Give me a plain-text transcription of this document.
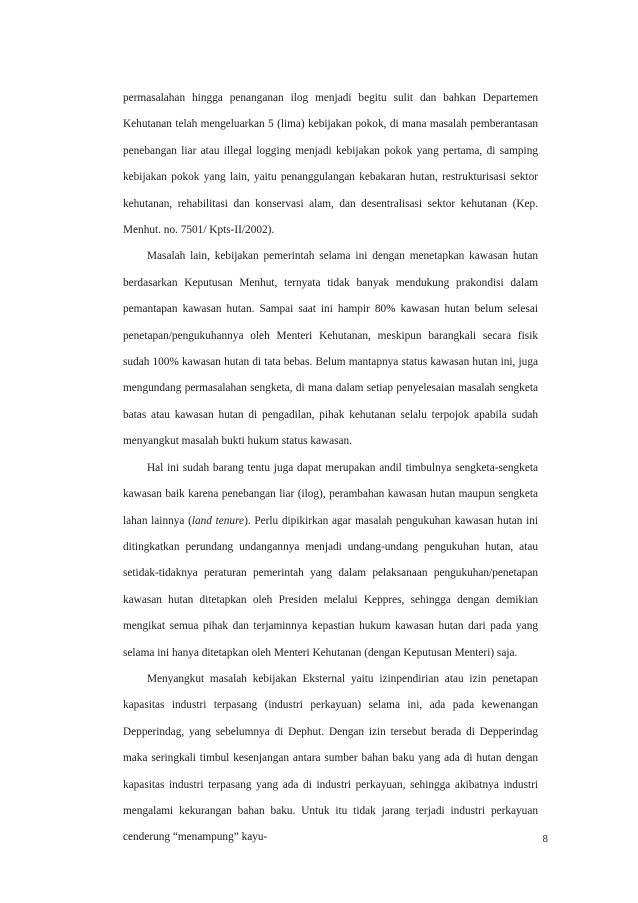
permasalahan hingga penanganan ilog menjadi begitu sulit dan bahkan Departemen Kehutanan telah mengeluarkan 5 (lima) kebijakan pokok, di mana masalah pemberantasan penebangan liar atau illegal logging menjadi kebijakan pokok yang pertama, di samping kebijakan pokok yang lain, yaitu penanggulangan kebakaran hutan, restrukturisasi sektor kehutanan, rehabilitasi dan konservasi alam, dan desentralisasi sektor kehutanan (Kep. Menhut. no. 7501/ Kpts-II/2002).

Masalah lain, kebijakan pemerintah selama ini dengan menetapkan kawasan hutan berdasarkan Keputusan Menhut, ternyata tidak banyak mendukung prakondisi dalam pemantapan kawasan hutan. Sampai saat ini hampir 80% kawasan hutan belum selesai penetapan/pengukuhannya oleh Menteri Kehutanan, meskipun barangkali secara fisik sudah 100% kawasan hutan di tata bebas. Belum mantapnya status kawasan hutan ini, juga mengundang permasalahan sengketa, di mana dalam setiap penyelesaian masalah sengketa batas atau kawasan hutan di pengadilan, pihak kehutanan selalu terpojok apabila sudah menyangkut masalah bukti hukum status kawasan.

Hal ini sudah barang tentu juga dapat merupakan andil timbulnya sengketa-sengketa kawasan baik karena penebangan liar (ilog), perambahan kawasan hutan maupun sengketa lahan lainnya (land tenure). Perlu dipikirkan agar masalah pengukuhan kawasan hutan ini ditingkatkan perundang undangannya menjadi undang-undang pengukuhan hutan, atau setidak-tidaknya peraturan pemerintah yang dalam pelaksanaan pengukuhan/penetapan kawasan hutan ditetapkan oleh Presiden melalui Keppres, sehingga dengan demikian mengikat semua pihak dan terjaminnya kepastian hukum kawasan hutan dari pada yang selama ini hanya ditetapkan oleh Menteri Kehutanan (dengan Keputusan Menteri) saja.

Menyangkut masalah kebijakan Eksternal yaitu izinpendirian atau izin penetapan kapasitas industri terpasang (industri perkayuan) selama ini, ada pada kewenangan Depperindag, yang sebelumnya di Dephut. Dengan izin tersebut berada di Depperindag maka seringkali timbul kesenjangan antara sumber bahan baku yang ada di hutan dengan kapasitas industri terpasang yang ada di industri perkayuan, sehingga akibatnya industri mengalami kekurangan bahan baku. Untuk itu tidak jarang terjadi industri perkayuan cenderung “menampung” kayu-	8
